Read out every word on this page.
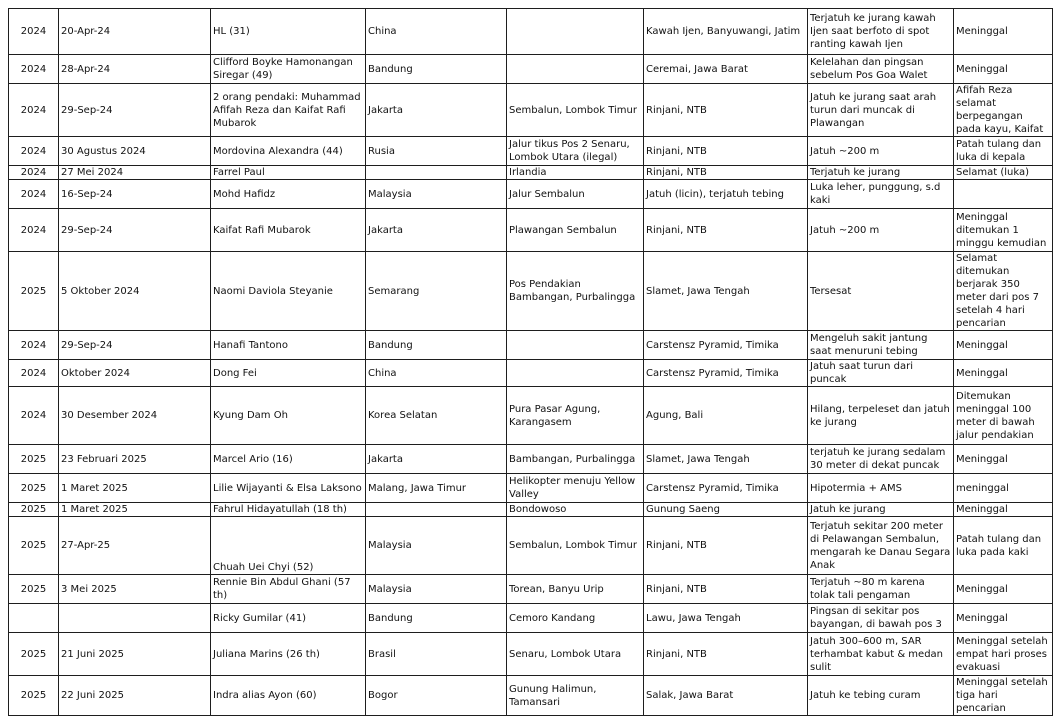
2024	20-Apr-24	HL (31)	China		Kawah Ijen, Banyuwangi, Jatim	Terjatuh ke jurang kawah Ijen saat berfoto di spot ranting kawah Ijen	Meninggal
2024	28-Apr-24	Clifford Boyke Hamonangan Siregar (49)	Bandung		Ceremai, Jawa Barat	Kelelahan dan pingsan sebelum Pos Goa Walet	Meninggal
2024	29-Sep-24	2 orang pendaki: Muhammad Afifah Reza dan Kaifat Rafi Mubarok	Jakarta	Sembalun, Lombok Timur	Rinjani, NTB	Jatuh ke jurang saat arah turun dari muncak di Plawangan	Afifah Reza selamat berpegangan pada kayu, Kaifat
2024	30 Agustus 2024	Mordovina Alexandra (44)	Rusia	Jalur tikus Pos 2 Senaru, Lombok Utara (ilegal)	Rinjani, NTB	Jatuh ~200 m	Patah tulang dan luka di kepala
2024	27 Mei 2024	Farrel Paul		Irlandia	Rinjani, NTB	Terjatuh ke jurang	Selamat (luka)
2024	16-Sep-24	Mohd Hafidz	Malaysia	Jalur Sembalun	Jatuh (licin), terjatuh tebing	Luka leher, punggung, s.d kaki	
2024	29-Sep-24	Kaifat Rafi Mubarok	Jakarta	Plawangan Sembalun	Rinjani, NTB	Jatuh ~200 m	Meninggal ditemukan 1 minggu kemudian
2025	5 Oktober 2024	Naomi Daviola Steyanie	Semarang	Pos Pendakian Bambangan, Purbalingga	Slamet, Jawa Tengah	Tersesat	Selamat ditemukan berjarak 350 meter dari pos 7 setelah 4 hari pencarian
2024	29-Sep-24	Hanafi Tantono	Bandung		Carstensz Pyramid, Timika	Mengeluh sakit jantung saat menuruni tebing	Meninggal
2024	Oktober 2024	Dong Fei	China		Carstensz Pyramid, Timika	Jatuh saat turun dari puncak	Meninggal
2024	30 Desember 2024	Kyung Dam Oh	Korea Selatan	Pura Pasar Agung, Karangasem	Agung, Bali	Hilang, terpeleset dan jatuh ke jurang	Ditemukan meninggal 100 meter di bawah jalur pendakian
2025	23 Februari 2025	Marcel Ario (16)	Jakarta	Bambangan, Purbalingga	Slamet, Jawa Tengah	terjatuh ke jurang sedalam 30 meter di dekat puncak	Meninggal
2025	1 Maret 2025	Lilie Wijayanti & Elsa Laksono	Malang, Jawa Timur	Helikopter menuju Yellow Valley	Carstensz Pyramid, Timika	Hipotermia + AMS	meninggal
2025	1 Maret 2025	Fahrul Hidayatullah (18 th)		Bondowoso	Gunung Saeng	Jatuh ke jurang	Meninggal
2025	27-Apr-25	Chuah Uei Chyi (52)	Malaysia	Sembalun, Lombok Timur	Rinjani, NTB	Terjatuh sekitar 200 meter di Pelawangan Sembalun, mengarah ke Danau Segara Anak	Patah tulang dan luka pada kaki
2025	3 Mei 2025	Rennie Bin Abdul Ghani (57 th)	Malaysia	Torean, Banyu Urip	Rinjani, NTB	Terjatuh ~80 m karena tolak tali pengaman	Meninggal
		Ricky Gumilar (41)	Bandung	Cemoro Kandang	Lawu, Jawa Tengah	Pingsan di sekitar pos bayangan, di bawah pos 3	Meninggal
2025	21 Juni 2025	Juliana Marins (26 th)	Brasil	Senaru, Lombok Utara	Rinjani, NTB	Jatuh 300–600 m, SAR terhambat kabut & medan sulit	Meninggal setelah empat hari proses evakuasi
2025	22 Juni 2025	Indra alias Ayon (60)	Bogor	Gunung Halimun, Tamansari	Salak, Jawa Barat	Jatuh ke tebing curam	Meninggal setelah tiga hari pencarian
